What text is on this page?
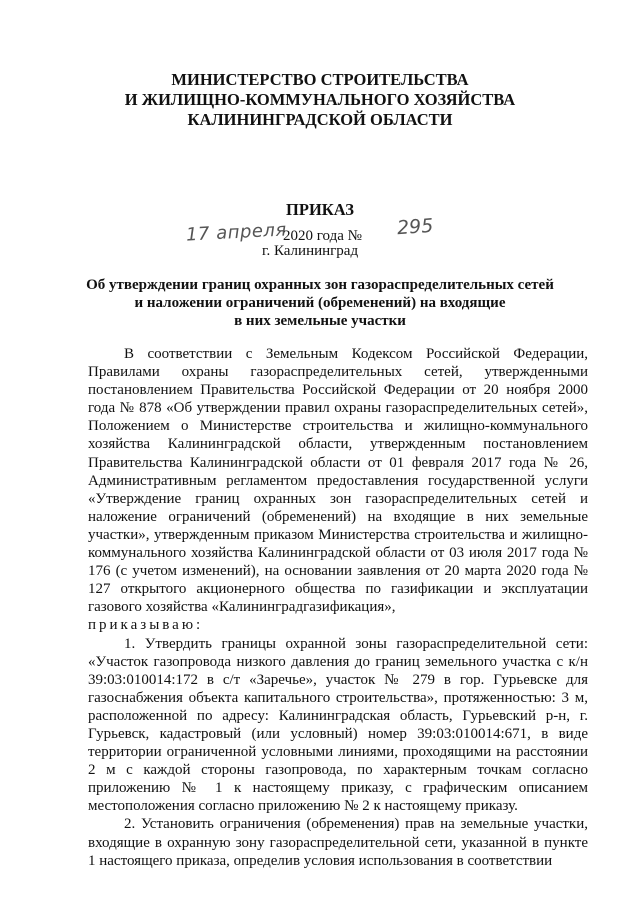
МИНИСТЕРСТВО СТРОИТЕЛЬСТВА
И ЖИЛИЩНО-КОММУНАЛЬНОГО ХОЗЯЙСТВА
КАЛИНИНГРАДСКОЙ ОБЛАСТИ
ПРИКАЗ
17 апреля
2020 года № 295
г. Калининград
Об утверждении границ охранных зон газораспределительных сетей
и наложении ограничений (обременений) на входящие
в них земельные участки

В соответствии с Земельным Кодексом Российской Федерации, Правилами охраны газораспределительных сетей, утвержденными постановлением Правительства Российской Федерации от 20 ноября 2000 года № 878 «Об утверждении правил охраны газораспределительных сетей», Положением о Министерстве строительства и жилищно-коммунального хозяйства Калининградской области, утвержденным постановлением Правительства Калининградской области от 01 февраля 2017 года № 26, Административным регламентом предоставления государственной услуги «Утверждение границ охранных зон газораспределительных сетей и наложение ограничений (обременений) на входящие в них земельные участки», утвержденным приказом Министерства строительства и жилищно-коммунального хозяйства Калининградской области от 03 июля 2017 года № 176 (с учетом изменений), на основании заявления от 20 марта 2020 года № 127 открытого акционерного общества по газификации и эксплуатации газового хозяйства «Калининградгазификация»,

приказываю:

1. Утвердить границы охранной зоны газораспределительной сети: «Участок газопровода низкого давления до границ земельного участка с к/н 39:03:010014:172 в с/т «Заречье», участок № 279 в гор. Гурьевске для газоснабжения объекта капитального строительства», протяженностью: 3 м, расположенной по адресу: Калининградская область, Гурьевский р-н, г. Гурьевск, кадастровый (или условный) номер 39:03:010014:671, в виде территории ограниченной условными линиями, проходящими на расстоянии 2 м с каждой стороны газопровода, по характерным точкам согласно приложению № 1 к настоящему приказу, с графическим описанием местоположения согласно приложению № 2 к настоящему приказу.

2. Установить ограничения (обременения) прав на земельные участки, входящие в охранную зону газораспределительной сети, указанной в пункте 1 настоящего приказа, определив условия использования в соответствии
